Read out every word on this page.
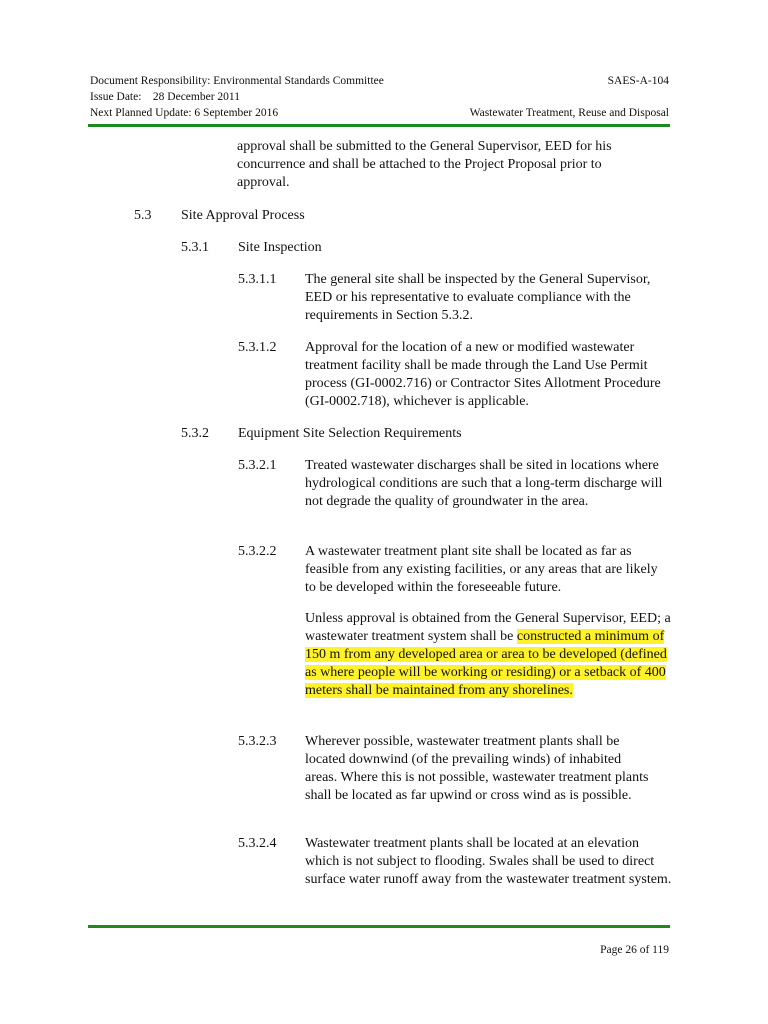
Document Responsibility: Environmental Standards Committee	SAES-A-104
Issue Date:    28 December 2011
Next Planned Update: 6 September 2016	Wastewater Treatment, Reuse and Disposal
approval shall be submitted to the General Supervisor, EED for his concurrence and shall be attached to the Project Proposal prior to approval.
5.3 Site Approval Process
5.3.1 Site Inspection
5.3.1.1 The general site shall be inspected by the General Supervisor, EED or his representative to evaluate compliance with the requirements in Section 5.3.2.
5.3.1.2 Approval for the location of a new or modified wastewater treatment facility shall be made through the Land Use Permit process (GI-0002.716) or Contractor Sites Allotment Procedure (GI-0002.718), whichever is applicable.
5.3.2 Equipment Site Selection Requirements
5.3.2.1 Treated wastewater discharges shall be sited in locations where hydrological conditions are such that a long-term discharge will not degrade the quality of groundwater in the area.
5.3.2.2 A wastewater treatment plant site shall be located as far as feasible from any existing facilities, or any areas that are likely to be developed within the foreseeable future.
Unless approval is obtained from the General Supervisor, EED; a wastewater treatment system shall be constructed a minimum of 150 m from any developed area or area to be developed (defined as where people will be working or residing) or a setback of 400 meters shall be maintained from any shorelines.
5.3.2.3 Wherever possible, wastewater treatment plants shall be located downwind (of the prevailing winds) of inhabited areas. Where this is not possible, wastewater treatment plants shall be located as far upwind or cross wind as is possible.
5.3.2.4 Wastewater treatment plants shall be located at an elevation which is not subject to flooding. Swales shall be used to direct surface water runoff away from the wastewater treatment system.
Page 26 of 119
